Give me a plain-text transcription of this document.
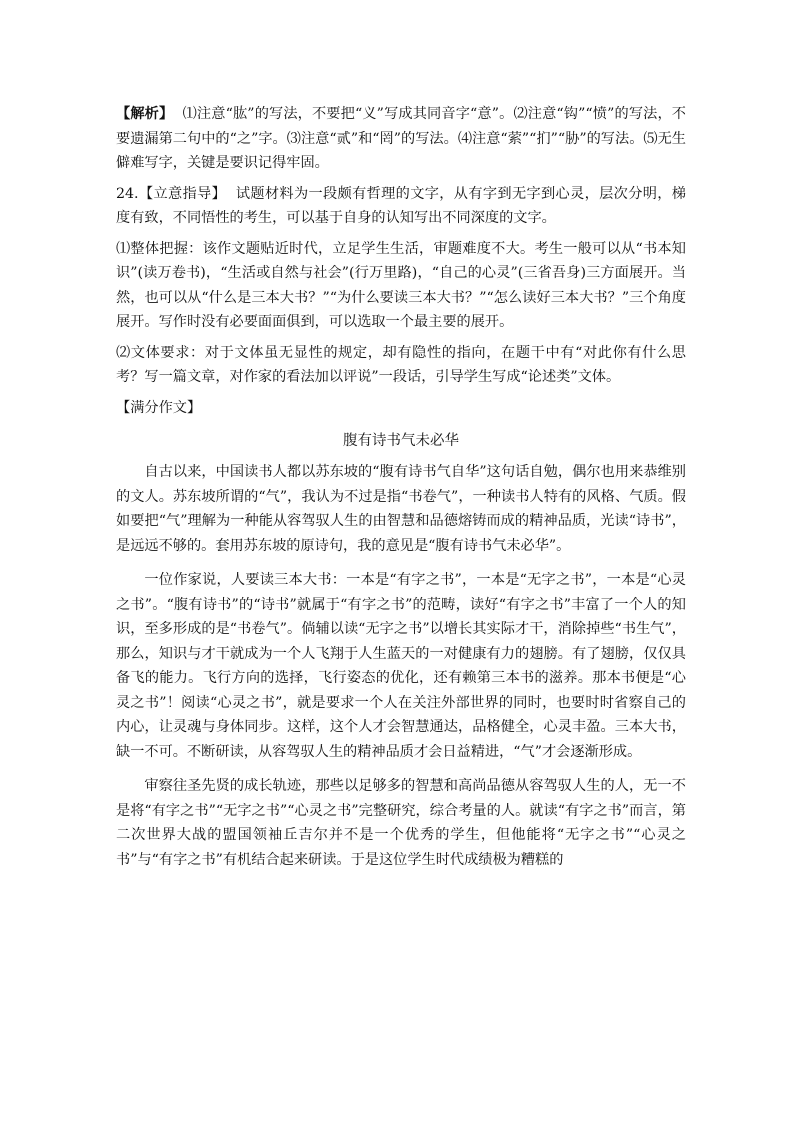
【解析】 ⑴注意“肱”的写法，不要把“义”写成其同音字“意”。⑵注意“钩”“愤”的写法，不要遗漏第二句中的“之”字。⑶注意“贰”和“罔”的写法。⑷注意“萦”“扪”“胁”的写法。⑸无生僻难写字，关键是要识记得牢固。

24.【立意指导】 试题材料为一段颇有哲理的文字，从有字到无字到心灵，层次分明，梯度有致，不同悟性的考生，可以基于自身的认知写出不同深度的文字。

⑴整体把握：该作文题贴近时代，立足学生生活，审题难度不大。考生一般可以从“书本知识”(读万卷书)，“生活或自然与社会”(行万里路)，“自己的心灵”(三省吾身)三方面展开。当然，也可以从“什么是三本大书？”“为什么要读三本大书？”“怎么读好三本大书？”三个角度展开。写作时没有必要面面俱到，可以选取一个最主要的展开。

⑵文体要求：对于文体虽无显性的规定，却有隐性的指向，在题干中有“对此你有什么思考？写一篇文章，对作家的看法加以评说”一段话，引导学生写成“论述类”文体。

【满分作文】

腹有诗书气未必华

自古以来，中国读书人都以苏东坡的“腹有诗书气自华”这句话自勉，偶尔也用来恭维别的文人。苏东坡所谓的“气”，我认为不过是指“书卷气”，一种读书人特有的风格、气质。假如要把“气”理解为一种能从容驾驭人生的由智慧和品德熔铸而成的精神品质，光读“诗书”，是远远不够的。套用苏东坡的原诗句，我的意见是“腹有诗书气未必华”。

一位作家说，人要读三本大书：一本是“有字之书”，一本是“无字之书”，一本是“心灵之书”。“腹有诗书”的“诗书”就属于“有字之书”的范畴，读好“有字之书”丰富了一个人的知识，至多形成的是“书卷气”。倘辅以读“无字之书”以增长其实际才干，消除掉些“书生气”，那么，知识与才干就成为一个人飞翔于人生蓝天的一对健康有力的翅膀。有了翅膀，仅仅具备飞的能力。飞行方向的选择，飞行姿态的优化，还有赖第三本书的滋养。那本书便是“心灵之书”！阅读“心灵之书”，就是要求一个人在关注外部世界的同时，也要时时省察自己的内心，让灵魂与身体同步。这样，这个人才会智慧通达，品格健全，心灵丰盈。三本大书，缺一不可。不断研读，从容驾驭人生的精神品质才会日益精进，“气”才会逐渐形成。

审察往圣先贤的成长轨迹，那些以足够多的智慧和高尚品德从容驾驭人生的人，无一不是将“有字之书”“无字之书”“心灵之书”完整研究，综合考量的人。就读“有字之书”而言，第二次世界大战的盟国领袖丘吉尔并不是一个优秀的学生，但他能将“无字之书”“心灵之书”与“有字之书”有机结合起来研读。于是这位学生时代成绩极为糟糕的
